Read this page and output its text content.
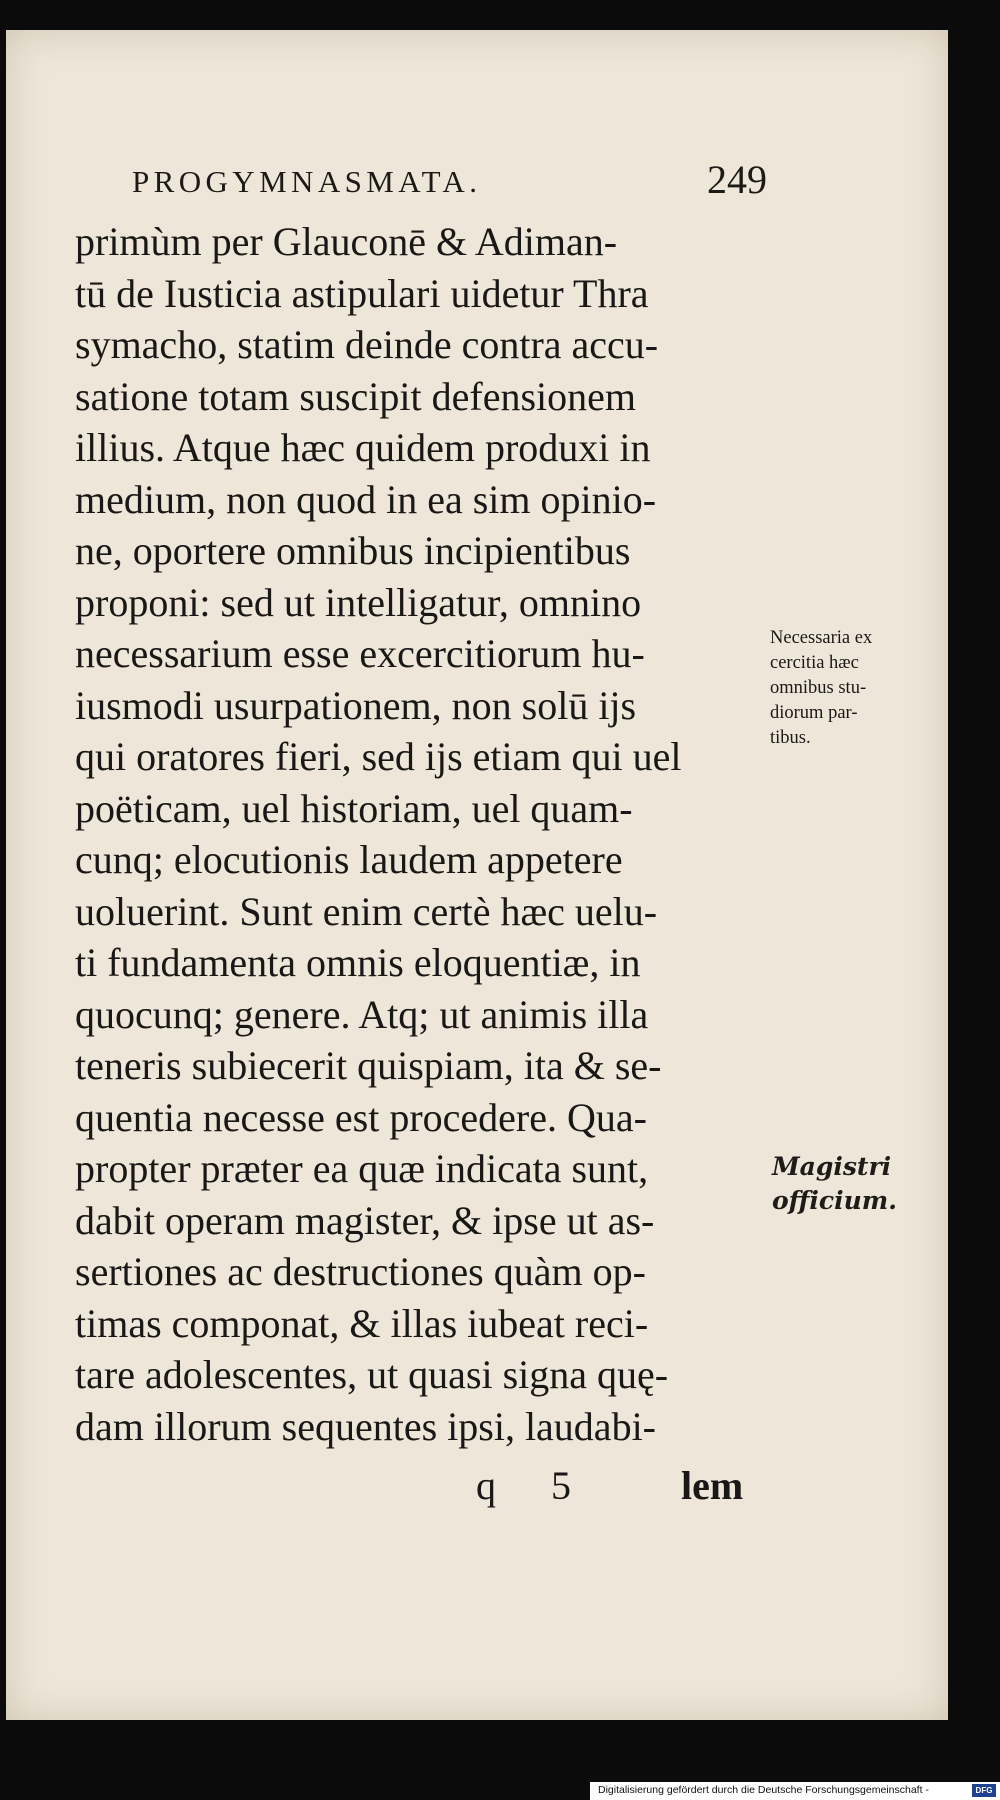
PROGYMNASMATA.	249
primùm per Glauconē & Adiman-
tū de Iusticia astipulari uidetur Thra
symacho, statim deinde contra accu-
satione totam suscipit defensionem
illius. Atque hæc quidem produxi in
medium, non quod in ea sim opinio-
ne, oportere omnibus incipientibus
proponi: sed ut intelligatur, omnino
necessarium esse excercitiorum hu-
iusmodi usurpationem, non solū ijs
qui oratores fieri, sed ijs etiam qui uel
poëticam, uel historiam, uel quam-
cunq; elocutionis laudem appetere
uoluerint. Sunt enim certè hæc uelu-
ti fundamenta omnis eloquentiæ, in
quocunq; genere. Atq; ut animis illa
teneris subiecerit quispiam, ita & se-
quentia necesse est procedere. Qua-
propter præter ea quæ indicata sunt,
dabit operam magister, & ipse ut as-
sertiones ac destructiones quàm op-
timas componat, & illas iubeat reci-
tare adolescentes, ut quasi signa quę-
dam illorum sequentes ipsi, laudabi-
q 5	lem
Necessaria ex
cercitia hæc
omnibus stu-
diorum par-
tibus.
Magistri
officium.
Digitalisierung gefördert durch die Deutsche Forschungsgemeinschaft -	DFG
